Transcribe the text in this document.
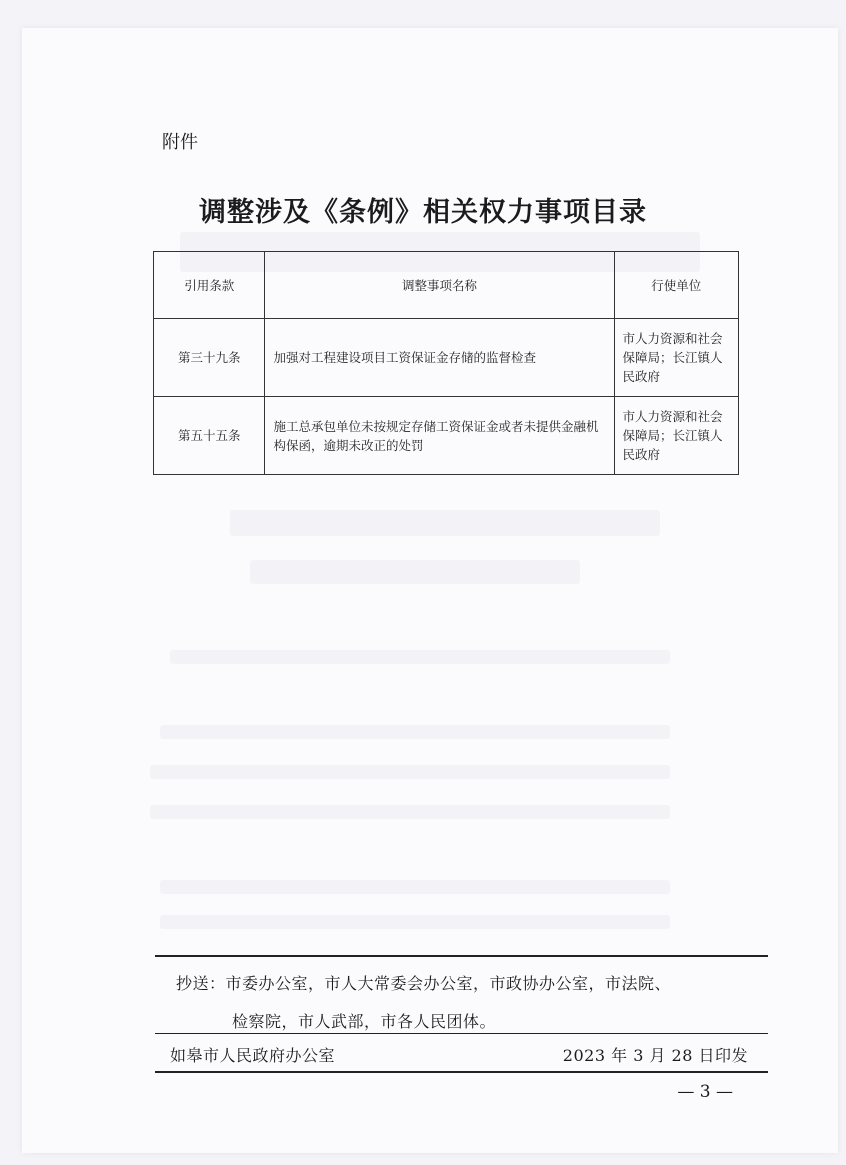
附件
调整涉及《条例》相关权力事项目录
引用条款	调整事项名称	行使单位
第三十九条	加强对工程建设项目工资保证金存储的监督检查	市人力资源和社会保障局；长江镇人民政府
第五十五条	施工总承包单位未按规定存储工资保证金或者未提供金融机构保函，逾期未改正的处罚	市人力资源和社会保障局；长江镇人民政府
抄送：市委办公室，市人大常委会办公室，市政协办公室，市法院、
检察院，市人武部，市各人民团体。
如皋市人民政府办公室	2023 年 3 月 28 日印发
— 3 —
